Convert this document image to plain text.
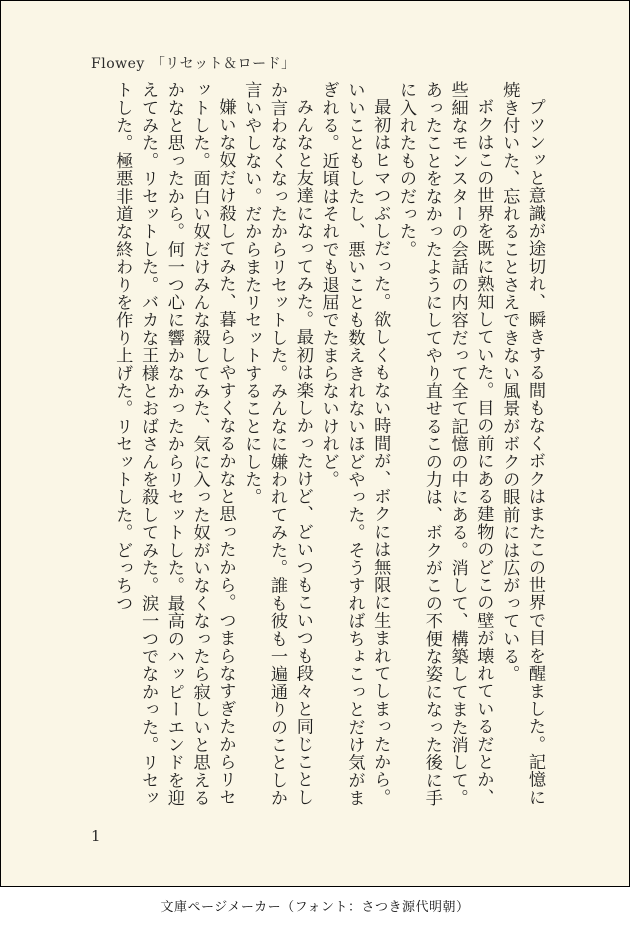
Flowey 「リセット＆ロード」

プツンッと意識が途切れ、瞬きする間もなくボクはまたこの世界で目を醒ました。記憶に焼き付いた、忘れることさえできない風景がボクの眼前には広がっている。

ボクはこの世界を既に熟知していた。目の前にある建物のどこの壁が壊れているだとか、些細なモンスターの会話の内容だって全て記憶の中にある。消して、構築してまた消して。あったことをなかったようにしてやり直せるこの力は、ボクがこの不便な姿になった後に手に入れたものだった。

最初はヒマつぶしだった。欲しくもない時間が、ボクには無限に生まれてしまったから。いいこともしたし、悪いことも数えきれないほどやった。そうすればちょこっとだけ気がまぎれる。近頃はそれでも退屈でたまらないけれど。

みんなと友達になってみた。最初は楽しかったけど、どいつもこいつも段々と同じことしか言わなくなったからリセットした。みんなに嫌われてみた。誰も彼も一遍通りのことしか言いやしない。だからまたリセットすることにした。

嫌いな奴だけ殺してみた、暮らしやすくなるかなと思ったから。つまらなすぎたからリセットした。面白い奴だけみんな殺してみた、気に入った奴がいなくなったら寂しいと思えるかなと思ったから。何一つ心に響かなかったからリセットした。最高のハッピーエンドを迎えてみた。リセットした。バカな王様とおばさんを殺してみた。涙一つでなかった。リセットした。極悪非道な終わりを作り上げた。リセットした。どっちつ

1
文庫ページメーカー（フォント：さつき源代明朝）
